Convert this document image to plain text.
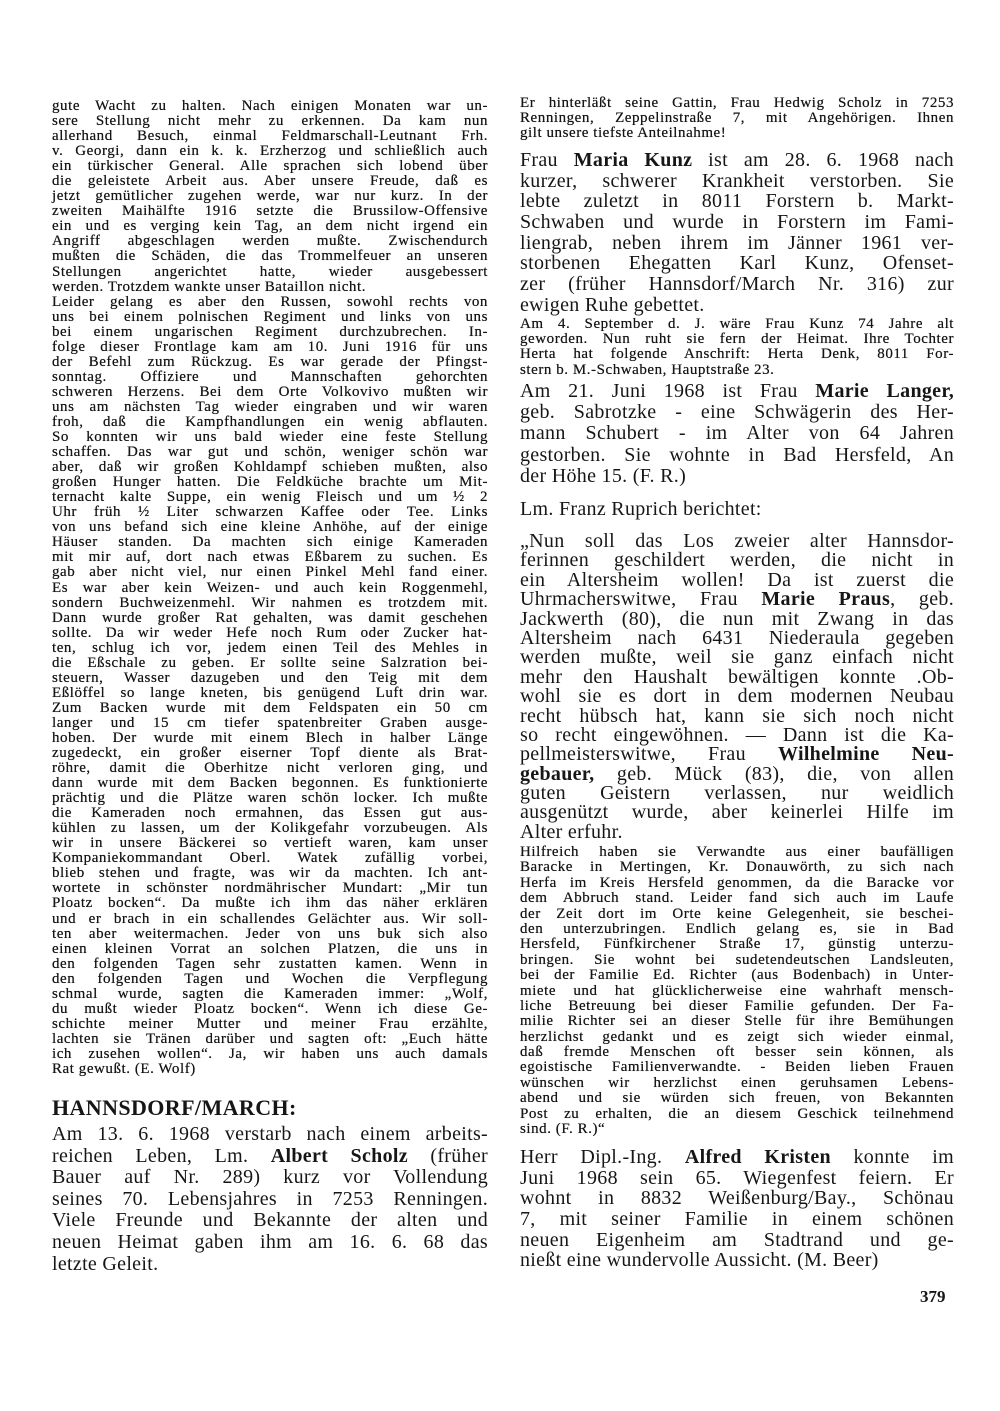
gute Wacht zu halten. Nach einigen Monaten war un-
sere Stellung nicht mehr zu erkennen. Da kam nun
allerhand Besuch, einmal Feldmarschall-Leutnant Frh.
v. Georgi, dann ein k. k. Erzherzog und schließlich auch
ein türkischer General. Alle sprachen sich lobend über
die geleistete Arbeit aus. Aber unsere Freude, daß es
jetzt gemütlicher zugehen werde, war nur kurz. In der
zweiten Maihälfte 1916 setzte die Brussilow-Offensive
ein und es verging kein Tag, an dem nicht irgend ein
Angriff abgeschlagen werden mußte. Zwischendurch
mußten die Schäden, die das Trommelfeuer an unseren
Stellungen angerichtet hatte, wieder ausgebessert
werden. Trotzdem wankte unser Bataillon nicht.
Leider gelang es aber den Russen, sowohl rechts von
uns bei einem polnischen Regiment und links von uns
bei einem ungarischen Regiment durchzubrechen. In-
folge dieser Frontlage kam am 10. Juni 1916 für uns
der Befehl zum Rückzug. Es war gerade der Pfingst-
sonntag. Offiziere und Mannschaften gehorchten
schweren Herzens. Bei dem Orte Volkovivo mußten wir
uns am nächsten Tag wieder eingraben und wir waren
froh, daß die Kampfhandlungen ein wenig abflauten.
So konnten wir uns bald wieder eine feste Stellung
schaffen. Das war gut und schön, weniger schön war
aber, daß wir großen Kohldampf schieben mußten, also
großen Hunger hatten. Die Feldküche brachte um Mit-
ternacht kalte Suppe, ein wenig Fleisch und um ½ 2
Uhr früh ½ Liter schwarzen Kaffee oder Tee. Links
von uns befand sich eine kleine Anhöhe, auf der einige
Häuser standen. Da machten sich einige Kameraden
mit mir auf, dort nach etwas Eßbarem zu suchen. Es
gab aber nicht viel, nur einen Pinkel Mehl fand einer.
Es war aber kein Weizen- und auch kein Roggenmehl,
sondern Buchweizenmehl. Wir nahmen es trotzdem mit.
Dann wurde großer Rat gehalten, was damit geschehen
sollte. Da wir weder Hefe noch Rum oder Zucker hat-
ten, schlug ich vor, jedem einen Teil des Mehles in
die Eßschale zu geben. Er sollte seine Salzration bei-
steuern, Wasser dazugeben und den Teig mit dem
Eßlöffel so lange kneten, bis genügend Luft drin war.
Zum Backen wurde mit dem Feldspaten ein 50 cm
langer und 15 cm tiefer spatenbreiter Graben ausge-
hoben. Der wurde mit einem Blech in halber Länge
zugedeckt, ein großer eiserner Topf diente als Brat-
röhre, damit die Oberhitze nicht verloren ging, und
dann wurde mit dem Backen begonnen. Es funktionierte
prächtig und die Plätze waren schön locker. Ich mußte
die Kameraden noch ermahnen, das Essen gut aus-
kühlen zu lassen, um der Kolikgefahr vorzubeugen. Als
wir in unsere Bäckerei so vertieft waren, kam unser
Kompaniekommandant Oberl. Watek zufällig vorbei,
blieb stehen und fragte, was wir da machten. Ich ant-
wortete in schönster nordmährischer Mundart: „Mir tun
Ploatz bocken“. Da mußte ich ihm das näher erklären
und er brach in ein schallendes Gelächter aus. Wir soll-
ten aber weitermachen. Jeder von uns buk sich also
einen kleinen Vorrat an solchen Platzen, die uns in
den folgenden Tagen sehr zustatten kamen. Wenn in
den folgenden Tagen und Wochen die Verpflegung
schmal wurde, sagten die Kameraden immer: „Wolf,
du mußt wieder Ploatz bocken“. Wenn ich diese Ge-
schichte meiner Mutter und meiner Frau erzählte,
lachten sie Tränen darüber und sagten oft: „Euch hätte
ich zusehen wollen“. Ja, wir haben uns auch damals
Rat gewußt. (E. Wolf)
HANNSDORF/MARCH:
Am 13. 6. 1968 verstarb nach einem arbeits-
reichen Leben, Lm. Albert Scholz (früher
Bauer auf Nr. 289) kurz vor Vollendung
seines 70. Lebensjahres in 7253 Renningen.
Viele Freunde und Bekannte der alten und
neuen Heimat gaben ihm am 16. 6. 68 das
letzte Geleit.
Er hinterläßt seine Gattin, Frau Hedwig Scholz in 7253
Renningen, Zeppelinstraße 7, mit Angehörigen. Ihnen
gilt unsere tiefste Anteilnahme!
Frau Maria Kunz ist am 28. 6. 1968 nach
kurzer, schwerer Krankheit verstorben. Sie
lebte zuletzt in 8011 Forstern b. Markt-
Schwaben und wurde in Forstern im Fami-
liengrab, neben ihrem im Jänner 1961 ver-
storbenen Ehegatten Karl Kunz, Ofenset-
zer (früher Hannsdorf/March Nr. 316) zur
ewigen Ruhe gebettet.
Am 4. September d. J. wäre Frau Kunz 74 Jahre alt
geworden. Nun ruht sie fern der Heimat. Ihre Tochter
Herta hat folgende Anschrift: Herta Denk, 8011 For-
stern b. M.-Schwaben, Hauptstraße 23.
Am 21. Juni 1968 ist Frau Marie Langer,
geb. Sabrotzke - eine Schwägerin des Her-
mann Schubert - im Alter von 64 Jahren
gestorben. Sie wohnte in Bad Hersfeld, An
der Höhe 15. (F. R.)
Lm. Franz Ruprich berichtet:
„Nun soll das Los zweier alter Hannsdor-
ferinnen geschildert werden, die nicht in
ein Altersheim wollen! Da ist zuerst die
Uhrmacherswitwe, Frau Marie Praus, geb.
Jackwerth (80), die nun mit Zwang in das
Altersheim nach 6431 Niederaula gegeben
werden mußte, weil sie ganz einfach nicht
mehr den Haushalt bewältigen konnte .Ob-
wohl sie es dort in dem modernen Neubau
recht hübsch hat, kann sie sich noch nicht
so recht eingewöhnen. — Dann ist die Ka-
pellmeisterswitwe, Frau Wilhelmine Neu-
gebauer, geb. Mück (83), die, von allen
guten Geistern verlassen, nur weidlich
ausgenützt wurde, aber keinerlei Hilfe im
Alter erfuhr.
Hilfreich haben sie Verwandte aus einer baufälligen
Baracke in Mertingen, Kr. Donauwörth, zu sich nach
Herfa im Kreis Hersfeld genommen, da die Baracke vor
dem Abbruch stand. Leider fand sich auch im Laufe
der Zeit dort im Orte keine Gelegenheit, sie beschei-
den unterzubringen. Endlich gelang es, sie in Bad
Hersfeld, Fünfkirchener Straße 17, günstig unterzu-
bringen. Sie wohnt bei sudetendeutschen Landsleuten,
bei der Familie Ed. Richter (aus Bodenbach) in Unter-
miete und hat glücklicherweise eine wahrhaft mensch-
liche Betreuung bei dieser Familie gefunden. Der Fa-
milie Richter sei an dieser Stelle für ihre Bemühungen
herzlichst gedankt und es zeigt sich wieder einmal,
daß fremde Menschen oft besser sein können, als
egoistische Familienverwandte. - Beiden lieben Frauen
wünschen wir herzlichst einen geruhsamen Lebens-
abend und sie würden sich freuen, von Bekannten
Post zu erhalten, die an diesem Geschick teilnehmend
sind. (F. R.)“
Herr Dipl.-Ing. Alfred Kristen konnte im
Juni 1968 sein 65. Wiegenfest feiern. Er
wohnt in 8832 Weißenburg/Bay., Schönau
7, mit seiner Familie in einem schönen
neuen Eigenheim am Stadtrand und ge-
nießt eine wundervolle Aussicht. (M. Beer)
379
